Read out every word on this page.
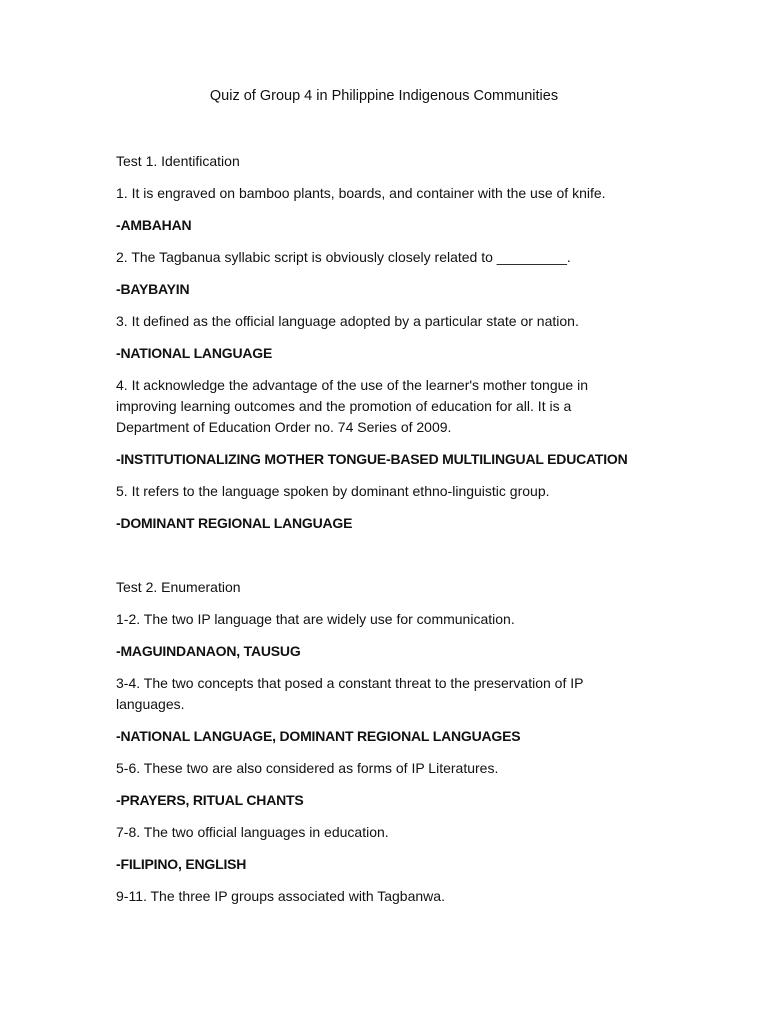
Quiz of Group 4 in Philippine Indigenous Communities
Test 1. Identification
1. It is engraved on bamboo plants, boards, and container with the use of knife.
-AMBAHAN
2. The Tagbanua syllabic script is obviously closely related to _________.
-BAYBAYIN
3. It defined as the official language adopted by a particular state or nation.
-NATIONAL LANGUAGE
4. It acknowledge the advantage of the use of the learner's mother tongue in improving learning outcomes and the promotion of education for all. It is a Department of Education Order no. 74 Series of 2009.
-INSTITUTIONALIZING MOTHER TONGUE-BASED MULTILINGUAL EDUCATION
5. It refers to the language spoken by dominant ethno-linguistic group.
-DOMINANT REGIONAL LANGUAGE
Test 2. Enumeration
1-2. The two IP language that are widely use for communication.
-MAGUINDANAON, TAUSUG
3-4. The two concepts that posed a constant threat to the preservation of IP languages.
-NATIONAL LANGUAGE, DOMINANT REGIONAL LANGUAGES
5-6. These two are also considered as forms of IP Literatures.
-PRAYERS, RITUAL CHANTS
7-8. The two official languages in education.
-FILIPINO, ENGLISH
9-11. The three IP groups associated with Tagbanwa.
